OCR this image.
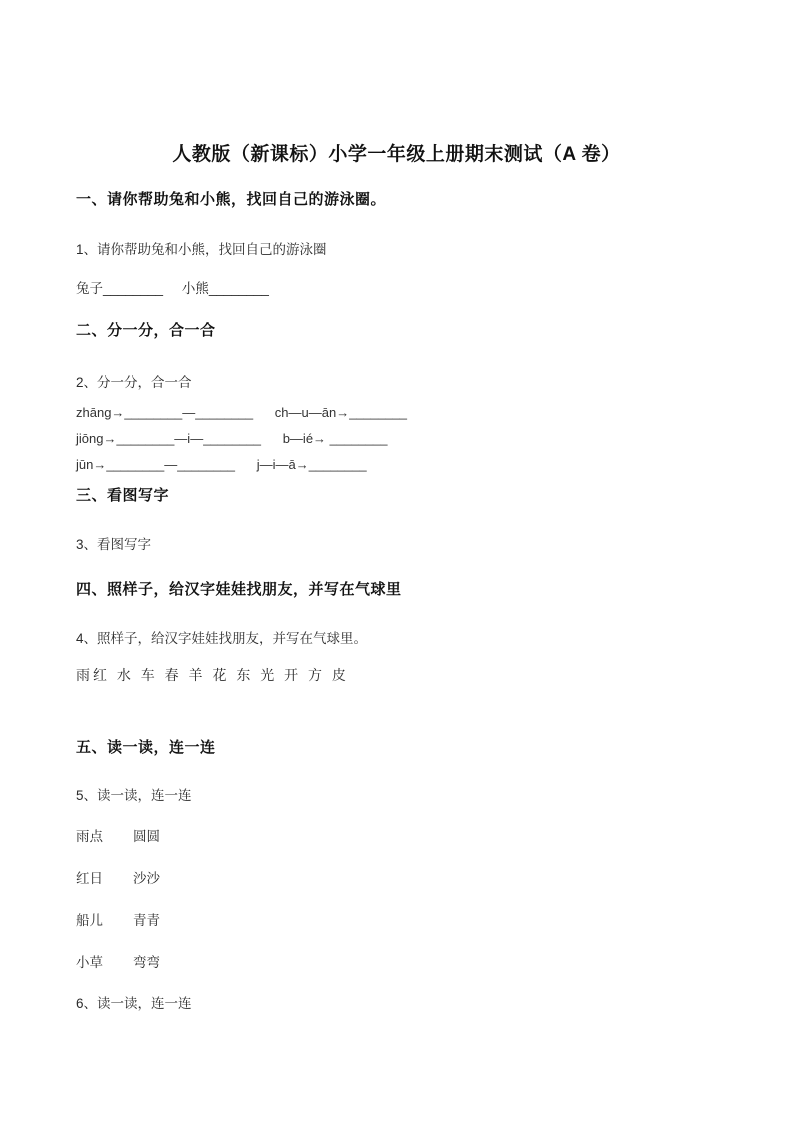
人教版（新课标）小学一年级上册期末测试（A 卷）
一、请你帮助兔和小熊，找回自己的游泳圈。
1、请你帮助兔和小熊，找回自己的游泳圈
兔子________     小熊________
二、分一分，合一合
2、分一分，合一合
zhāng→________—________      ch—u—ān→________
jiōng→________—i—________      b—ié→ ________
jūn→________—________      j—i—ā→________
三、看图写字
3、看图写字
四、照样子，给汉字娃娃找朋友，并写在气球里
4、照样子，给汉字娃娃找朋友，并写在气球里。
雨红 水 车 春 羊 花 东 光 开 方 皮
五、读一读，连一连
5、读一读，连一连
雨点 圆圆
红日 沙沙
船儿 青青
小草 弯弯
6、读一读，连一连
